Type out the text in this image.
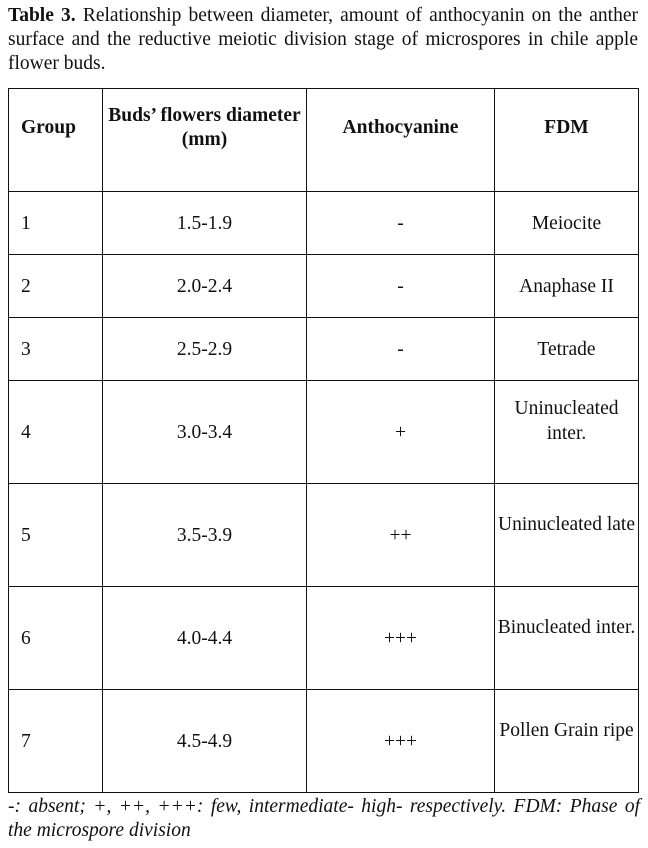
Table 3. Relationship between diameter, amount of anthocyanin on the anther surface and the reductive meiotic division stage of microspores in chile apple flower buds.
Group	Buds’ flowers diameter (mm)	Anthocyanine	FDM

1	1.5-1.9	-	Meiocite
2	2.0-2.4	-	Anaphase II
3	2.5-2.9	-	Tetrade
4	3.0-3.4	+	Uninucleated inter.

5	3.5-3.9	++	Uninucleated late

6	4.0-4.4	+++	Binucleated inter.

7	4.5-4.9	+++	Pollen Grain ripe
-: absent; +, ++, +++: few, intermediate- high- respectively. FDM: Phase of the microspore division
